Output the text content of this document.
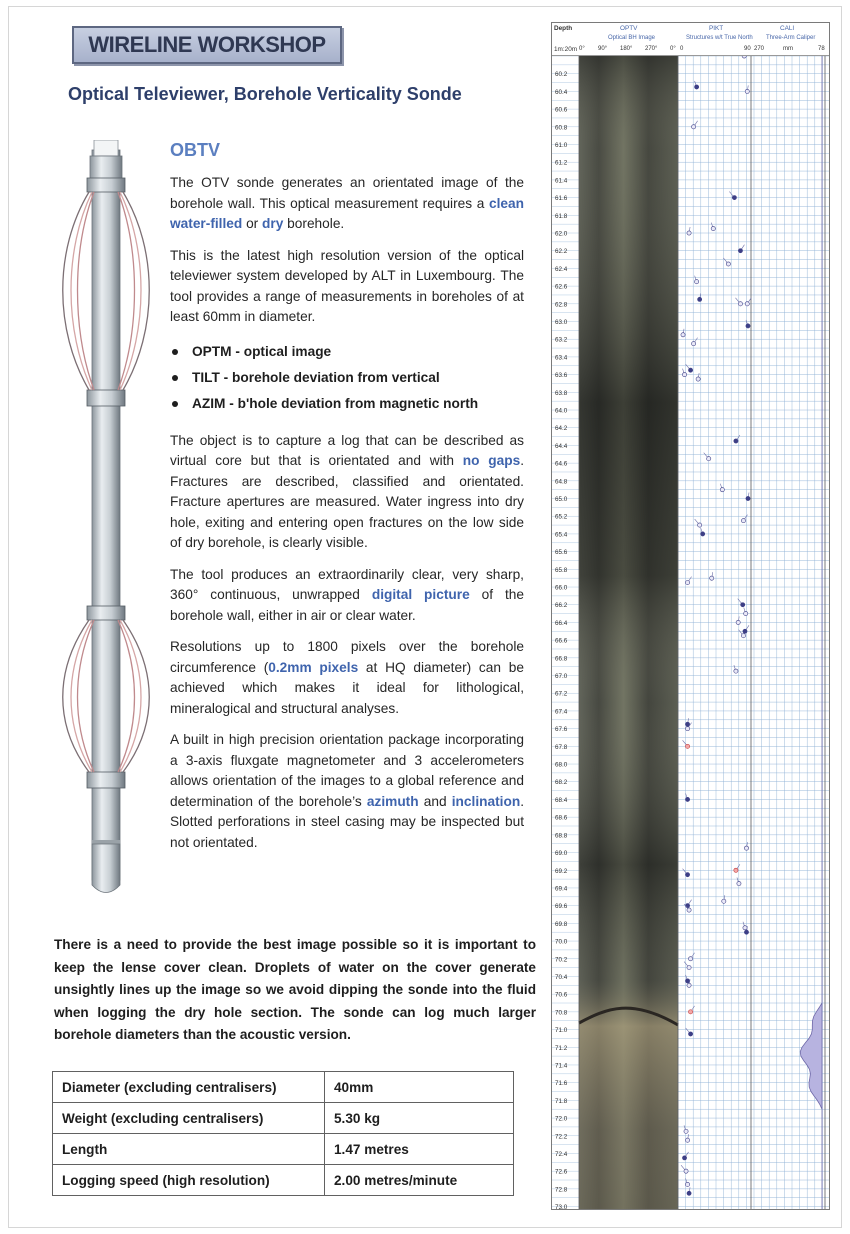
WIRELINE WORKSHOP
Optical Televiewer, Borehole Verticality Sonde
OBTV

The OTV sonde generates an orientated image of the borehole wall. This optical measurement requires a clean water-filled or dry borehole.

This is the latest high resolution version of the optical televiewer system developed by ALT in Luxembourg. The tool provides a range of measurements in boreholes of at least 60mm in diameter.

OPTM - optical image
TILT - borehole deviation from vertical
AZIM - b'hole deviation from magnetic north

The object is to capture a log that can be described as virtual core but that is orientated and with no gaps. Fractures are described, classified and orientated. Fracture apertures are measured. Water ingress into dry hole, exiting and entering open fractures on the low side of dry borehole, is clearly visible.

The tool produces an extraordinarily clear, very sharp, 360° continuous, unwrapped digital picture of the borehole wall, either in air or clear water.

Resolutions up to 1800 pixels over the borehole circumference (0.2mm pixels at HQ diameter) can be achieved which makes it ideal for lithological, mineralogical and structural analyses.

A built in high precision orientation package incorporating a 3-axis fluxgate magnetometer and 3 accelerometers allows orientation of the images to a global reference and determination of the borehole’s azimuth and inclination. Slotted perforations in steel casing may be inspected but not orientated.

There is a need to provide the best image possible so it is important to keep the lense cover clean. Droplets of water on the cover generate unsightly lines up the image so we avoid dipping the sonde into the fluid when logging the dry hole section. The sonde can log much larger borehole diameters than the acoustic version.
Diameter (excluding centralisers)	40mm
Weight (excluding centralisers)	5.30 kg
Length	1.47 metres
Logging speed (high resolution)	2.00 metres/minute
60.2
60.4
60.6
60.8
61.0
61.2
61.4
61.6
61.8
62.0
62.2
62.4
62.6
62.8
63.0
63.2
63.4
63.6
63.8
64.0
64.2
64.4
64.6
64.8
65.0
65.2
65.4
65.6
65.8
66.0
66.2
66.4
66.6
66.8
67.0
67.2
67.4
67.6
67.8
68.0
68.2
68.4
68.6
68.8
69.0
69.2
69.4
69.6
69.8
70.0
70.2
70.4
70.6
70.8
71.0
71.2
71.4
71.6
71.8
72.0
72.2
72.4
72.6
72.8
73.0
Depth
1m:20m
OPTV
Optical BH Image
0° 90° 180° 270° 0°
PIKT
Structures w/t True North
0	90
CALI
Three-Arm Caliper
270	mm	78
